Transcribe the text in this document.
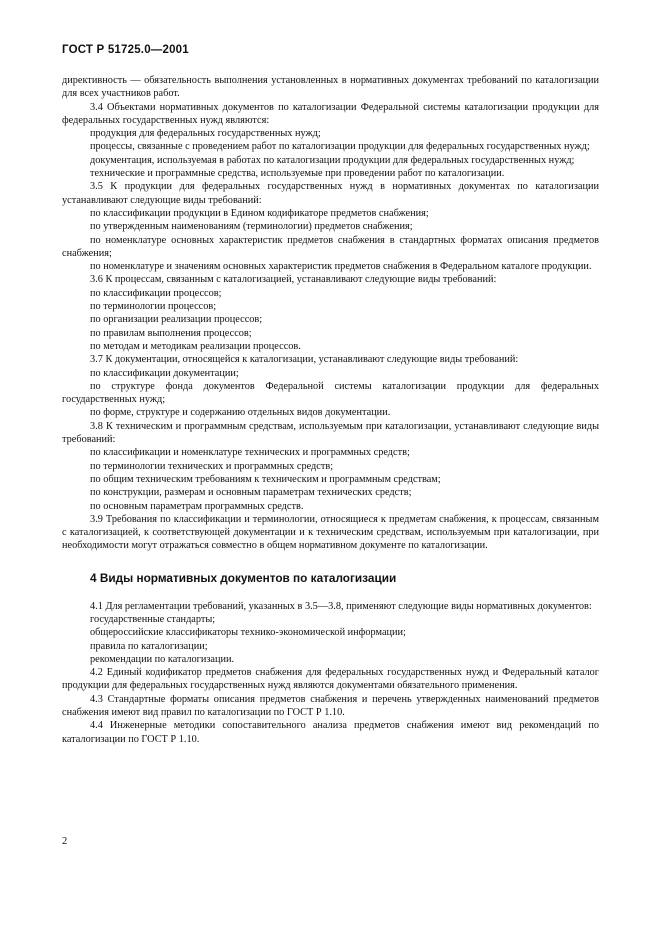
ГОСТ Р 51725.0—2001

директивность — обязательность выполнения установленных в нормативных документах требований по каталогизации для всех участников работ.

3.4 Объектами нормативных документов по каталогизации Федеральной системы каталогизации продукции для федеральных государственных нужд являются:

продукция для федеральных государственных нужд;

процессы, связанные с проведением работ по каталогизации продукции для федеральных государственных нужд;

документация, используемая в работах по каталогизации продукции для федеральных государственных нужд;

технические и программные средства, используемые при проведении работ по каталогизации.

3.5 К продукции для федеральных государственных нужд в нормативных документах по каталогизации устанавливают следующие виды требований:

по классификации продукции в Едином кодификаторе предметов снабжения;

по утвержденным наименованиям (терминологии) предметов снабжения;

по номенклатуре основных характеристик предметов снабжения в стандартных форматах описания предметов снабжения;

по номенклатуре и значениям основных характеристик предметов снабжения в Федеральном каталоге продукции.

3.6 К процессам, связанным с каталогизацией, устанавливают следующие виды требований:

по классификации процессов;

по терминологии процессов;

по организации реализации процессов;

по правилам выполнения процессов;

по методам и методикам реализации процессов.

3.7 К документации, относящейся к каталогизации, устанавливают следующие виды требований:

по классификации документации;

по структуре фонда документов Федеральной системы каталогизации продукции для федеральных государственных нужд;

по форме, структуре и содержанию отдельных видов документации.

3.8 К техническим и программным средствам, используемым при каталогизации, устанавливают следующие виды требований:

по классификации и номенклатуре технических и программных средств;

по терминологии технических и программных средств;

по общим техническим требованиям к техническим и программным средствам;

по конструкции, размерам и основным параметрам технических средств;

по основным параметрам программных средств.

3.9 Требования по классификации и терминологии, относящиеся к предметам снабжения, к процессам, связанным с каталогизацией, к соответствующей документации и к техническим средствам, используемым при каталогизации, при необходимости могут отражаться совместно в общем нормативном документе по каталогизации.

4 Виды нормативных документов по каталогизации

4.1 Для регламентации требований, указанных в 3.5—3.8, применяют следующие виды нормативных документов:

государственные стандарты;

общероссийские классификаторы технико-экономической информации;

правила по каталогизации;

рекомендации по каталогизации.

4.2 Единый кодификатор предметов снабжения для федеральных государственных нужд и Федеральный каталог продукции для федеральных государственных нужд являются документами обязательного применения.

4.3 Стандартные форматы описания предметов снабжения и перечень утвержденных наименований предметов снабжения имеют вид правил по каталогизации по ГОСТ Р 1.10.

4.4 Инженерные методики сопоставительного анализа предметов снабжения имеют вид рекомендаций по каталогизации по ГОСТ Р 1.10.

2
